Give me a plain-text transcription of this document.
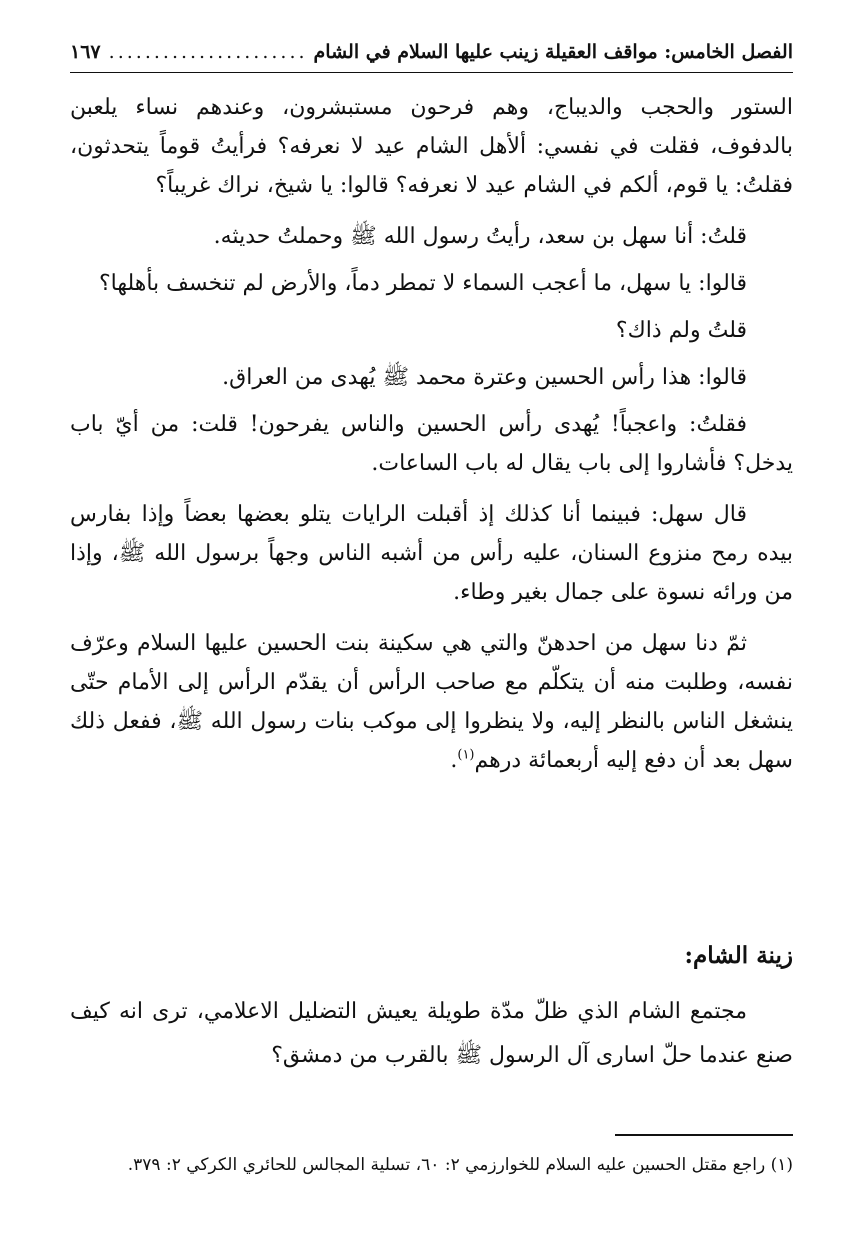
الفصل الخامس: مواقف العقيلة زينب عليها السلام في الشام
.....
١٦٧

الستور والحجب والديباج، وهم فرحون مستبشرون، وعندهم نساء يلعبن بالدفوف، فقلت في نفسي: ألأهل الشام عيد لا نعرفه؟ فرأيتُ قوماً يتحدثون، فقلتُ: يا قوم، ألكم في الشام عيد لا نعرفه؟ قالوا: يا شيخ، نراك غريباً؟

قلتُ: أنا سهل بن سعد، رأيتُ رسول الله ﷺ وحملتُ حديثه.

قالوا: يا سهل، ما أعجب السماء لا تمطر دماً، والأرض لم تنخسف بأهلها؟

قلتُ ولم ذاك؟

قالوا: هذا رأس الحسين وعترة محمد ﷺ يُهدى من العراق.

فقلتُ: واعجباً! يُهدى رأس الحسين والناس يفرحون! قلت: من أيّ باب يدخل؟ فأشاروا إلى باب يقال له باب الساعات.

قال سهل: فبينما أنا كذلك إذ أقبلت الرايات يتلو بعضها بعضاً وإذا بفارس بيده رمح منزوع السنان، عليه رأس من أشبه الناس وجهاً برسول الله ﷺ، وإذا من ورائه نسوة على جمال بغير وطاء.

ثمّ دنا سهل من احدهنّ والتي هي سكينة بنت الحسين عليها السلام وعرّف نفسه، وطلبت منه أن يتكلّم مع صاحب الرأس أن يقدّم الرأس إلى الأمام حتّى ينشغل الناس بالنظر إليه، ولا ينظروا إلى موكب بنات رسول الله ﷺ، ففعل ذلك سهل بعد أن دفع إليه أربعمائة درهم$^{(١)}$.

زينة الشام:

مجتمع الشام الذي ظلّ مدّة طويلة يعيش التضليل الاعلامي، ترى انه كيف صنع عندما حلّ اسارى آل الرسول ﷺ بالقرب من دمشق؟

(١) راجع مقتل الحسين عليه السلام للخوارزمي ٢: ٦٠، تسلية المجالس للحائري الكركي ٢: ٣٧٩.
